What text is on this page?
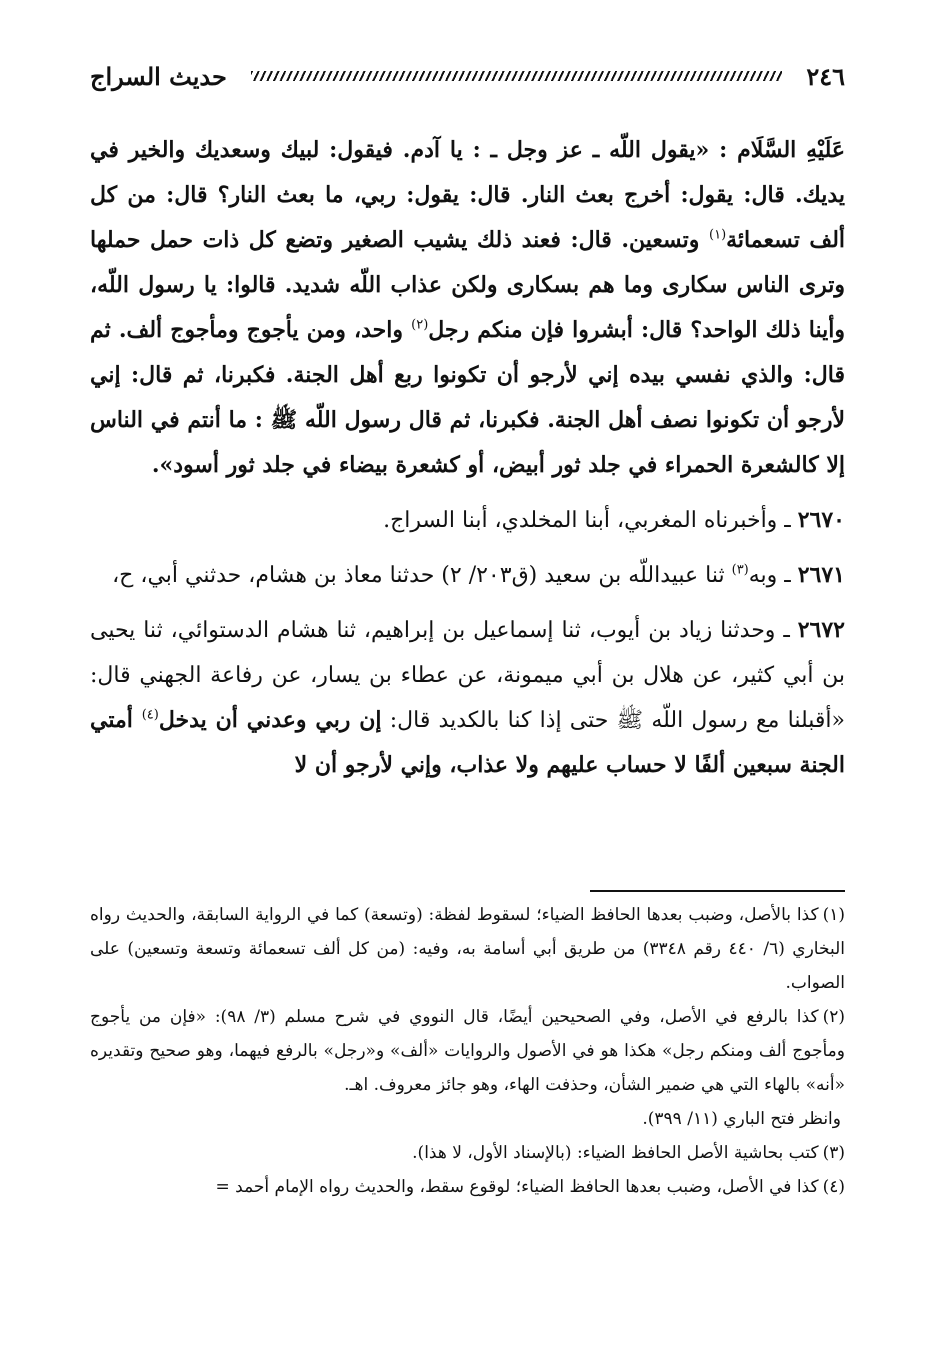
٢٤٦
حديث السراج

عَلَيْهِ السَّلَام : «يقول اللّه ـ عز وجل ـ : يا آدم. فيقول: لبيك وسعديك والخير في يديك. قال: يقول: أخرج بعث النار. قال: يقول: ربي، ما بعث النار؟ قال: من كل ألف تسعمائة$^{(١)}$ وتسعين. قال: فعند ذلك يشيب الصغير وتضع كل ذات حمل حملها وترى الناس سكارى وما هم بسكارى ولكن عذاب اللّه شديد. قالوا: يا رسول اللّه، وأينا ذلك الواحد؟ قال: أبشروا فإن منكم رجل$^{(٢)}$ واحد، ومن يأجوج ومأجوج ألف. ثم قال: والذي نفسي بيده إني لأرجو أن تكونوا ربع أهل الجنة. فكبرنا، ثم قال: إني لأرجو أن تكونوا نصف أهل الجنة. فكبرنا، ثم قال رسول اللّه ﷺ : ما أنتم في الناس إلا كالشعرة الحمراء في جلد ثور أبيض، أو كشعرة بيضاء في جلد ثور أسود».

٢٦٧٠ ـ وأخبرناه المغربي، أبنا المخلدي، أبنا السراج.

٢٦٧١ ـ وبه$^{(٣)}$ ثنا عبيداللّه بن سعيد (ق٢٠٣/ ٢) حدثنا معاذ بن هشام، حدثني أبي، ح،

٢٦٧٢ ـ وحدثنا زياد بن أيوب، ثنا إسماعيل بن إبراهيم، ثنا هشام الدستوائي، ثنا يحيى بن أبي كثير، عن هلال بن أبي ميمونة، عن عطاء بن يسار، عن رفاعة الجهني قال: «أقبلنا مع رسول اللّه ﷺ حتى إذا كنا بالكديد قال: إن ربي وعدني أن يدخل$^{(٤)}$ أمتي الجنة سبعين ألفًا لا حساب عليهم ولا عذاب، وإني لأرجو أن لا

(١)كذا بالأصل، وضبب بعدها الحافظ الضياء؛ لسقوط لفظة: (وتسعة) كما في الرواية السابقة، والحديث رواه البخاري (٦/ ٤٤٠ رقم ٣٣٤٨) من طريق أبي أسامة به، وفيه: (من كل ألف تسعمائة وتسعة وتسعين) على الصواب.

(٢)كذا بالرفع في الأصل، وفي الصحيحين أيضًا، قال النووي في شرح مسلم (٣/ ٩٨): «فإن من يأجوج ومأجوج ألف ومنكم رجل» هكذا هو في الأصول والروايات «ألف» و«رجل» بالرفع فيهما، وهو صحيح وتقديره «أنه» بالهاء التي هي ضمير الشأن، وحذفت الهاء، وهو جائز معروف. اهـ.

وانظر فتح الباري (١١/ ٣٩٩).

(٣)كتب بحاشية الأصل الحافظ الضياء: (بالإسناد الأول، لا هذا).

(٤)كذا في الأصل، وضبب بعدها الحافظ الضياء؛ لوقوع سقط، والحديث رواه الإمام أحمد =
